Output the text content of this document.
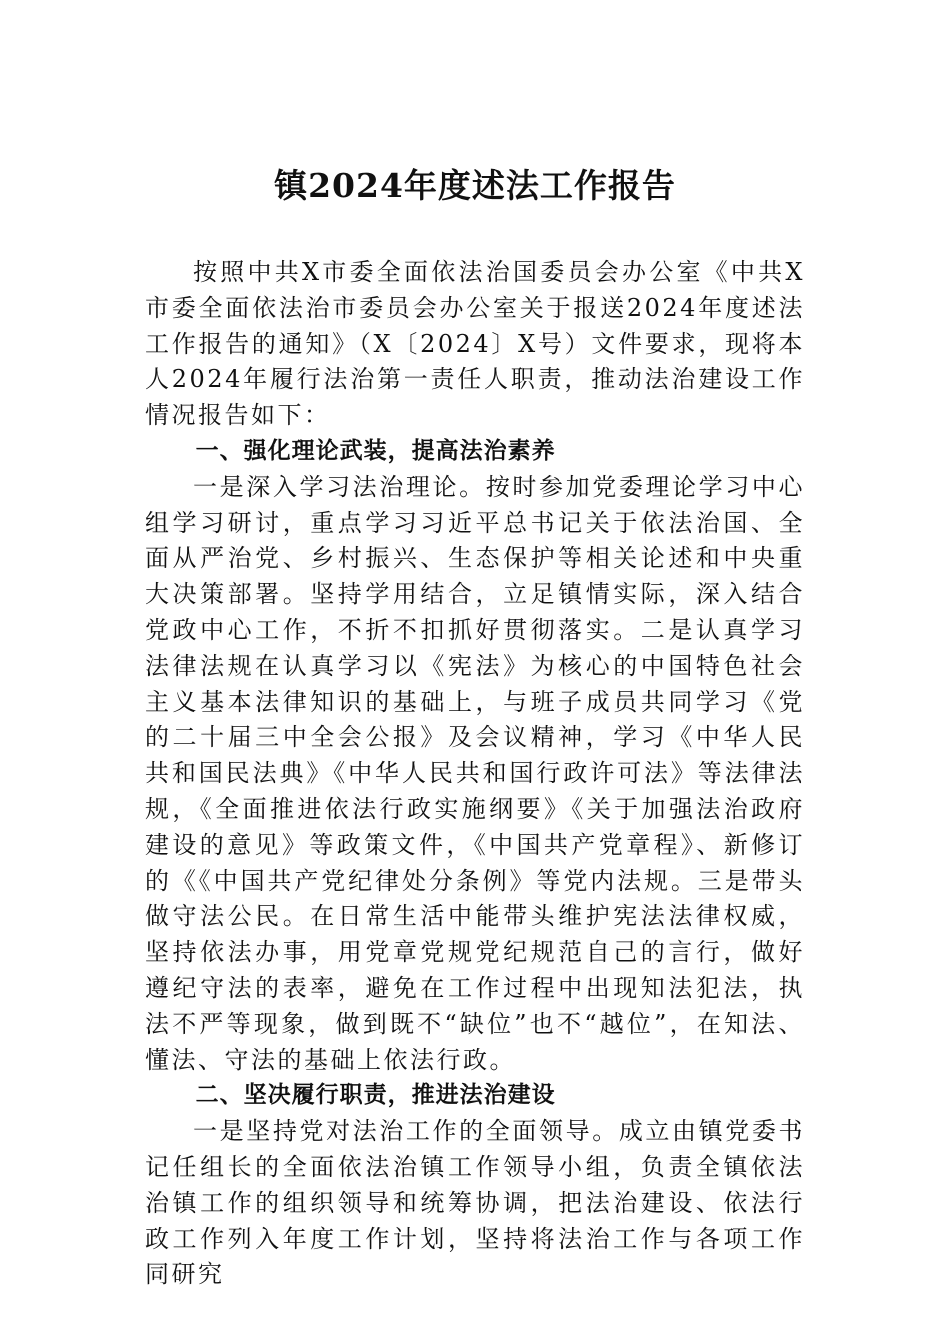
镇2024年度述法工作报告

按照中共X市委全面依法治国委员会办公室《中共X市委全面依法治市委员会办公室关于报送2024年度述法工作报告的通知》（X〔2024〕X号）文件要求，现将本人2024年履行法治第一责任人职责，推动法治建设工作情况报告如下：

一、强化理论武装，提高法治素养

一是深入学习法治理论。按时参加党委理论学习中心组学习研讨，重点学习习近平总书记关于依法治国、全面从严治党、乡村振兴、生态保护等相关论述和中央重大决策部署。坚持学用结合，立足镇情实际，深入结合党政中心工作，不折不扣抓好贯彻落实。二是认真学习法律法规在认真学习以《宪法》为核心的中国特色社会主义基本法律知识的基础上，与班子成员共同学习《党的二十届三中全会公报》及会议精神，学习《中华人民共和国民法典》《中华人民共和国行政许可法》等法律法规，《全面推进依法行政实施纲要》《关于加强法治政府建设的意见》等政策文件，《中国共产党章程》、新修订的《《中国共产党纪律处分条例》等党内法规。三是带头做守法公民。在日常生活中能带头维护宪法法律权威，坚持依法办事，用党章党规党纪规范自己的言行，做好遵纪守法的表率，避免在工作过程中出现知法犯法，执法不严等现象，做到既不“缺位”也不“越位”，在知法、懂法、守法的基础上依法行政。

二、坚决履行职责，推进法治建设

一是坚持党对法治工作的全面领导。成立由镇党委书记任组长的全面依法治镇工作领导小组，负责全镇依法治镇工作的组织领导和统筹协调，把法治建设、依法行政工作列入年度工作计划，坚持将法治工作与各项工作同研究
